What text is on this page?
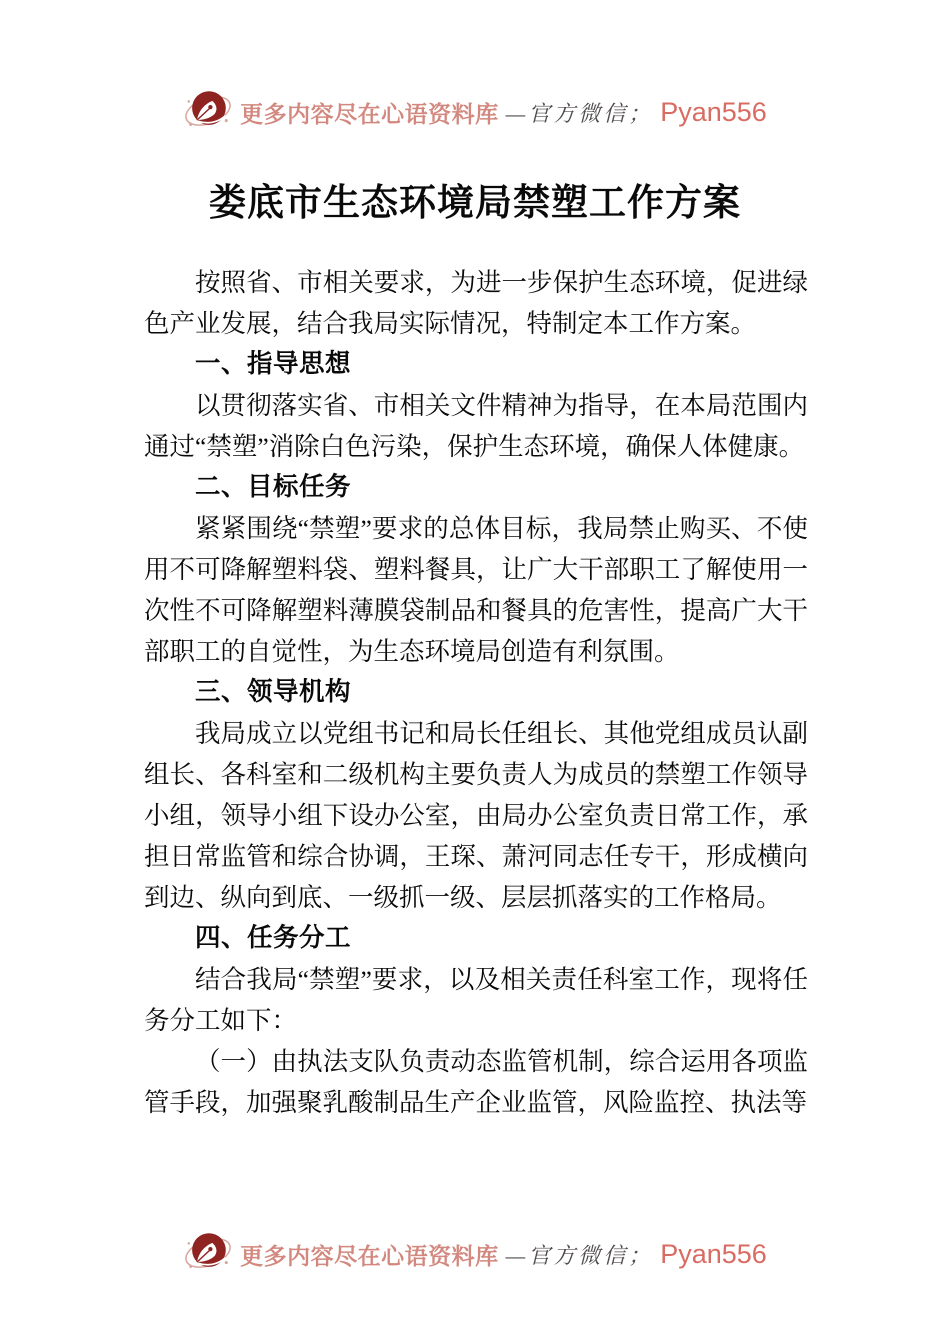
更多内容尽在心语资料库 —官方微信； Pyan556
娄底市生态环境局禁塑工作方案

按照省、市相关要求，为进一步保护生态环境，促进绿色产业发展，结合我局实际情况，特制定本工作方案。

一、指导思想

以贯彻落实省、市相关文件精神为指导，在本局范围内通过“禁塑”消除白色污染，保护生态环境，确保人体健康。

二、目标任务

紧紧围绕“禁塑”要求的总体目标，我局禁止购买、不使用不可降解塑料袋、塑料餐具，让广大干部职工了解使用一次性不可降解塑料薄膜袋制品和餐具的危害性，提高广大干部职工的自觉性，为生态环境局创造有利氛围。

三、领导机构

我局成立以党组书记和局长任组长、其他党组成员认副组长、各科室和二级机构主要负责人为成员的禁塑工作领导小组，领导小组下设办公室，由局办公室负责日常工作，承担日常监管和综合协调，王琛、萧河同志任专干，形成横向到边、纵向到底、一级抓一级、层层抓落实的工作格局。

四、任务分工

结合我局“禁塑”要求，以及相关责任科室工作，现将任务分工如下：

（一）由执法支队负责动态监管机制，综合运用各项监管手段，加强聚乳酸制品生产企业监管，风险监控、执法等

更多内容尽在心语资料库 —官方微信； Pyan556
